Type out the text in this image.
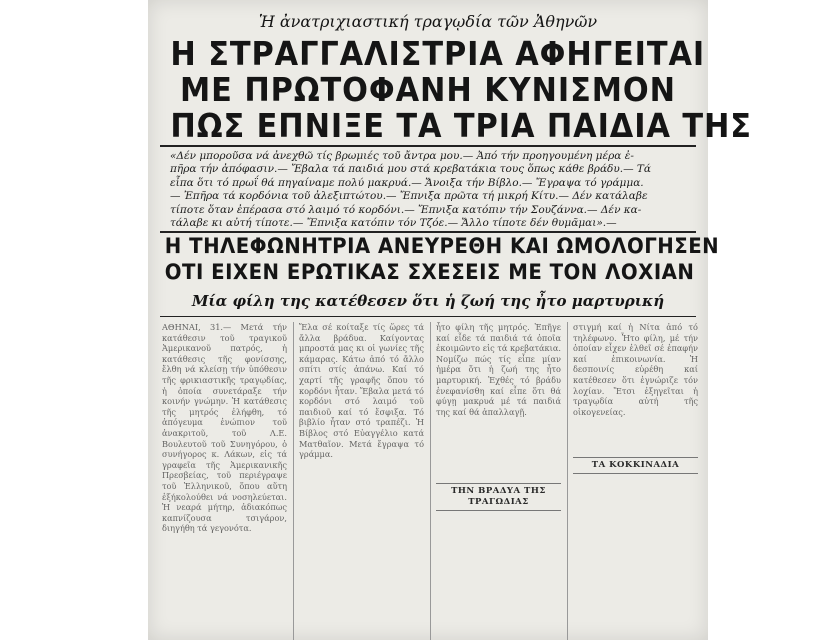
Ἡ ἀνατριχιαστική τραγῳδία τῶν Ἀθηνῶν
Η ΣΤΡΑΓΓΑΛΙΣΤΡΙΑ ΑΦΗΓΕΙΤΑΙ
ΜΕ ΠΡΩΤΟΦΑΝΗ ΚΥΝΙΣΜΟΝ
ΠΩΣ ΕΠΝΙΞΕ ΤΑ ΤΡΙΑ ΠΑΙΔΙΑ ΤΗΣ
«Δέν μποροῦσα νά ἀνεχθῶ τίς βρωμιές τοῦ ἄντρα μου.— Ἀπό τήν προηγουμένη μέρα ἐ-
πῆρα τήν ἀπόφασιν.— Ἔβαλα τά παιδιά μου στά κρεβατάκια τους ὅπως κάθε βράδυ.— Τά
εἶπα ὅτι τό πρωΐ θά πηγαίναμε πολύ μακρυά.— Ἄνοιξα τήν Βίβλο.— Ἔγραψα τό γράμμα.
— Ἐπῆρα τά κορδόνια τοῦ ἀλεξιπτώτου.— Ἔπνιξα πρῶτα τή μικρή Κίτυ.— Δέν κατάλαβε
τίποτε ὅταν ἐπέρασα στό λαιμό τό κορδόνι.— Ἔπνιξα κατόπιν τήν Σουζάννα.— Δέν κα-
τάλαβε κι αὐτή τίποτε.— Ἔπνιξα κατόπιν τόν Τζόε.— Ἄλλο τίποτε δέν θυμᾶμαι».—
Η ΤΗΛΕΦΩΝΗΤΡΙΑ ΑΝΕΥΡΕΘΗ ΚΑΙ ΩΜΟΛΟΓΗΣΕΝ
ΟΤΙ ΕΙΧΕΝ ΕΡΩΤΙΚΑΣ ΣΧΕΣΕΙΣ ΜΕ ΤΟΝ ΛΟΧΙΑΝ
Μία φίλη της κατέθεσεν ὅτι ἡ ζωή της ἦτο μαρτυρική
ΑΘΗΝΑΙ, 31.— Μετά τήν κατάθεσιν τοῦ τραγικοῦ Ἀμερικανοῦ πατρός, ἡ κατάθεσις τῆς φονίσσης, ἔλθη νά κλείσῃ τήν ὑπόθεσιν τῆς φρικιαστικῆς τραγῳδίας, ἡ ὁποία συνετάραξε τήν κοινήν γνώμην. Ἡ κατάθεσις τῆς μητρός ἐλήφθη, τό ἀπόγευμα ἐνώπιον τοῦ ἀνακριτοῦ, τοῦ Λ.Ε. Βουλευτοῦ τοῦ Συνηγόρου, ὁ συνήγορος κ. Λάκων, εἰς τά γραφεῖα τῆς Ἀμερικανικῆς Πρεσβείας, τοῦ περιέγραψε τοῦ Ἑλληνικοῦ, ὅπου αὕτη ἐξήκολούθει νά νοσηλεύεται. Ἡ νεαρά μήτηρ, ἀδιακόπως καπνίζουσα τσιγάρον, διηγήθη τά γεγονότα.
Ἔλα σέ κοίταξε τίς ὥρες τά ἄλλα βράδυα. Καίγοντας μπροστά μας κι οἱ γωνίες τῆς κάμαρας. Κάτω ἀπό τό ἄλλο σπίτι στίς ἀπάνω. Καί τό χαρτί τῆς γραφῆς ὅπου τό κορδόνι ἦταν. Ἔβαλα μετά τό κορδόνι στό λαιμό τοῦ παιδιοῦ καί τό ἔσφιξα. Τό βιβλίο ἦταν στό τραπέζι. Ἡ Βίβλος στό Εὐαγγέλιο κατά Ματθαῖον. Μετά ἔγραψα τό γράμμα.
ἦτο φίλη τῆς μητρός. Ἐπῆγε καί εἶδε τά παιδιά τά ὁποῖα ἐκοιμῶντο εἰς τά κρεβατάκια. Νομίζω πώς τίς εἶπε μίαν ἡμέρα ὅτι ἡ ζωή της ἦτο μαρτυρική. Ἐχθές τό βράδυ ἐνεφανίσθη καί εἶπε ὅτι θά φύγῃ μακρυά μέ τά παιδιά της καί θά ἀπαλλαγῇ.
ΤΗΝ ΒΡΑΔΥΑ ΤΗΣ ΤΡΑΓΩΔΙΑΣ
στιγμή καί ἡ Νίτα ἀπό τό τηλέφωνο. Ἦτο φίλη, μέ τήν ὁποίαν εἶχεν ἐλθεῖ σέ ἐπαφήν καί ἐπικοινωνία. Ἡ δεσποινίς εὑρέθη καί κατέθεσεν ὅτι ἐγνώριζε τόν λοχίαν. Ἔτσι ἐξηγεῖται ἡ τραγῳδία αὐτή τῆς οἰκογενείας.
ΤΑ ΚΟΚΚΙΝΑΔΙΑ
